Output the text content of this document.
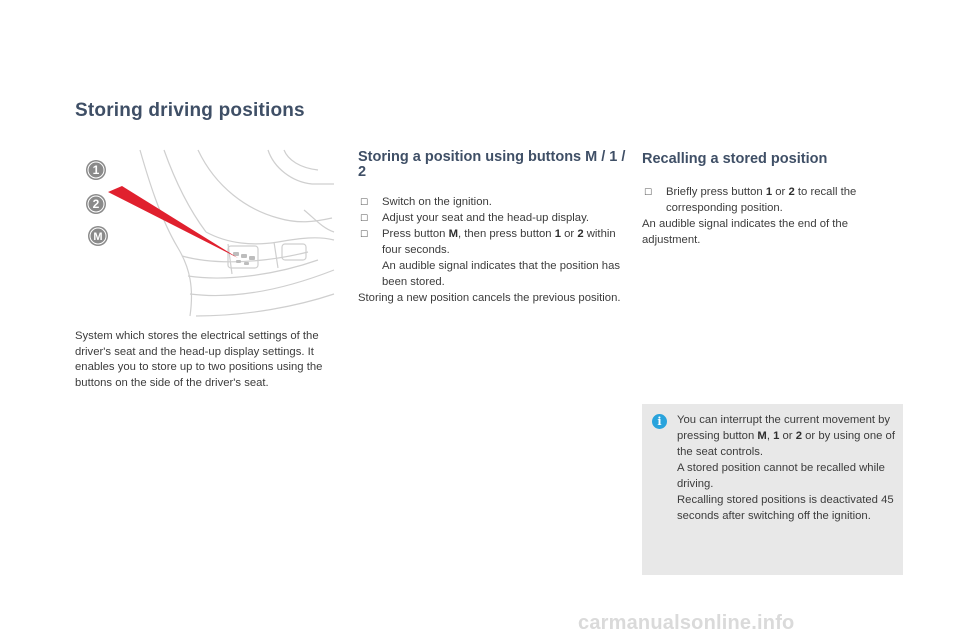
Storing driving positions
1
2
M

System which stores the electrical settings of the driver's seat and the head-up display settings. It enables you to store up to two positions using the buttons on the side of the driver's seat.

Storing a position using buttons M / 1 / 2
☐ Switch on the ignition.
☐ Adjust your seat and the head-up display.
☐ Press button M, then press button 1 or 2 within four seconds.
An audible signal indicates that the position has been stored.

Storing a new position cancels the previous position.

Recalling a stored position
☐ Briefly press button 1 or 2 to recall the corresponding position.

An audible signal indicates the end of the adjustment.

i	You can interrupt the current movement by pressing button M, 1 or 2 or by using one of the seat controls.
A stored position cannot be recalled while driving.
Recalling stored positions is deactivated 45 seconds after switching off the ignition.

carmanualsonline.info
